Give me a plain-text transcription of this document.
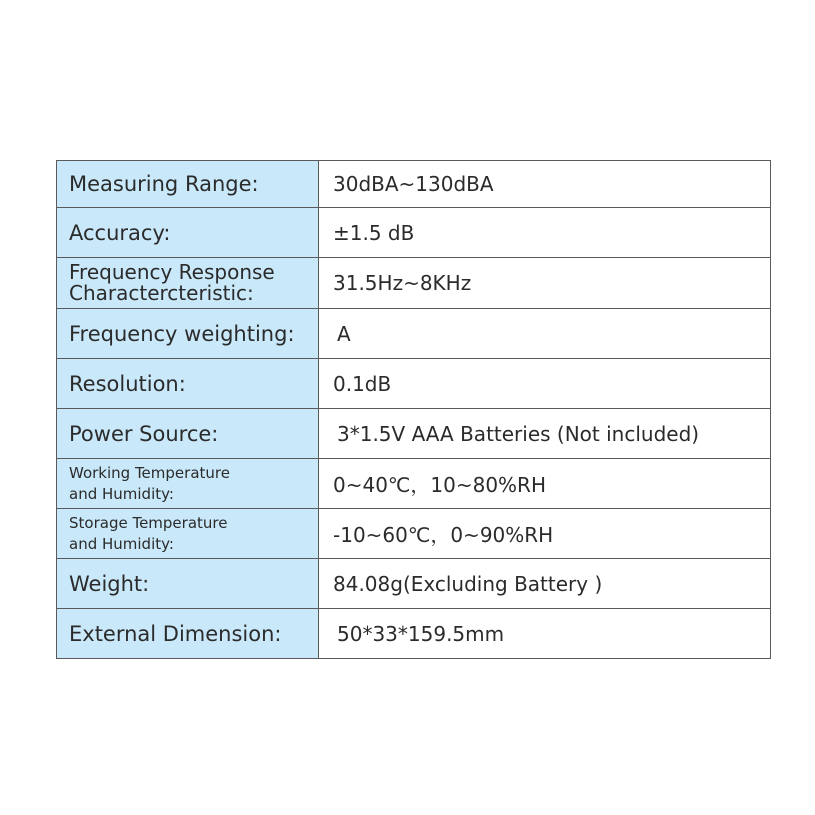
Measuring Range:	30dBA~130dBA
Accuracy:	±1.5 dB

Frequency Response
Charactercteristic:	31.5Hz~8KHz
Frequency weighting:	A
Resolution:	0.1dB
Power Source:	3*1.5V AAA Batteries (Not included)

Working Temperature
and Humidity:	0~40℃，10~80%RH

Storage Temperature
and Humidity:	-10~60℃，0~90%RH
Weight:	84.08g(Excluding Battery )
External Dimension:	50*33*159.5mm
